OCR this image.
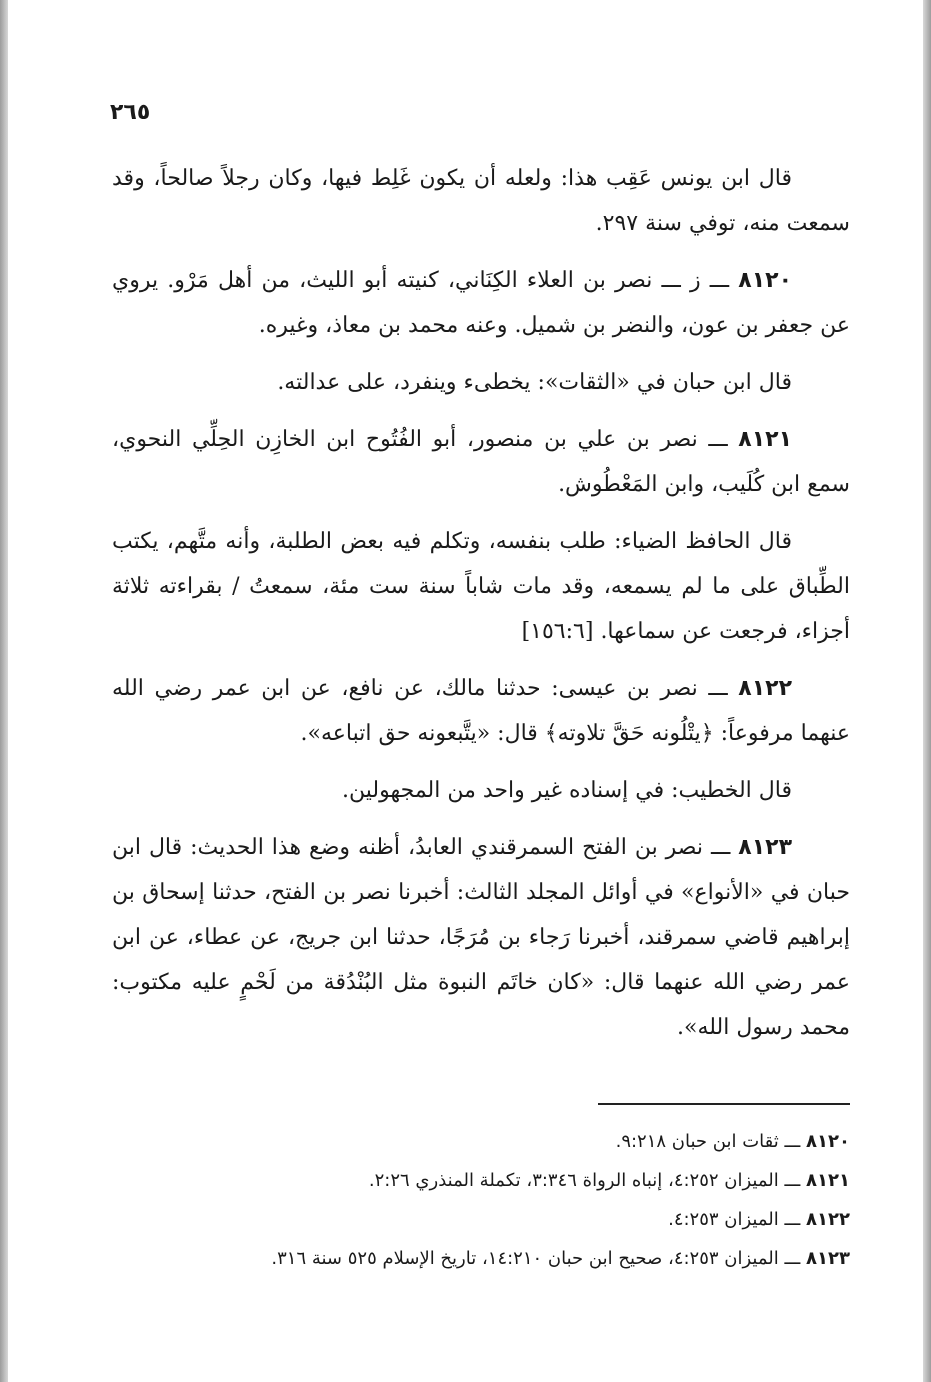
٢٦٥

قال ابن يونس عَقِب هذا: ولعله أن يكون غَلِط فيها، وكان رجلاً صالحاً، وقد سمعت منه، توفي سنة ٢٩٧.

٨١٢٠ ـــ ز ـــ نصر بن العلاء الكِنَاني، كنيته أبو الليث، من أهل مَرْو. يروي عن جعفر بن عون، والنضر بن شميل. وعنه محمد بن معاذ، وغيره.

قال ابن حبان في «الثقات»: يخطىء وينفرد، على عدالته.

٨١٢١ ـــ نصر بن علي بن منصور، أبو الفُتُوح ابن الخازِن الحِلِّي النحوي، سمع ابن كُلَيب، وابن المَعْطُوش.

قال الحافظ الضياء: طلب بنفسه، وتكلم فيه بعض الطلبة، وأنه متَّهم، يكتب الطِّباق على ما لم يسمعه، وقد مات شاباً سنة ست مئة، سمعتُ / بقراءته ثلاثة أجزاء، فرجعت عن سماعها. [١٥٦:٦]

٨١٢٢ ـــ نصر بن عيسى: حدثنا مالك، عن نافع، عن ابن عمر رضي الله عنهما مرفوعاً: ﴿يتْلُونه حَقَّ تلاوته﴾ قال: «يتَّبعونه حق اتباعه».

قال الخطيب: في إسناده غير واحد من المجهولين.

٨١٢٣ ـــ نصر بن الفتح السمرقندي العابدُ، أظنه وضع هذا الحديث: قال ابن حبان في «الأنواع» في أوائل المجلد الثالث: أخبرنا نصر بن الفتح، حدثنا إسحاق بن إبراهيم قاضي سمرقند، أخبرنا رَجاء بن مُرَجًا، حدثنا ابن جريج، عن عطاء، عن ابن عمر رضي الله عنهما قال: «كان خاتَم النبوة مثل البُنْدُقة من لَحْمٍ عليه مكتوب: محمد رسول الله».

٨١٢٠ ـــ ثقات ابن حبان ٩:٢١٨.

٨١٢١ ـــ الميزان ٤:٢٥٢، إنباه الرواة ٣:٣٤٦، تكملة المنذري ٢:٢٦.

٨١٢٢ ـــ الميزان ٤:٢٥٣.

٨١٢٣ ـــ الميزان ٤:٢٥٣، صحيح ابن حبان ١٤:٢١٠، تاريخ الإسلام ٥٢٥ سنة ٣١٦.
